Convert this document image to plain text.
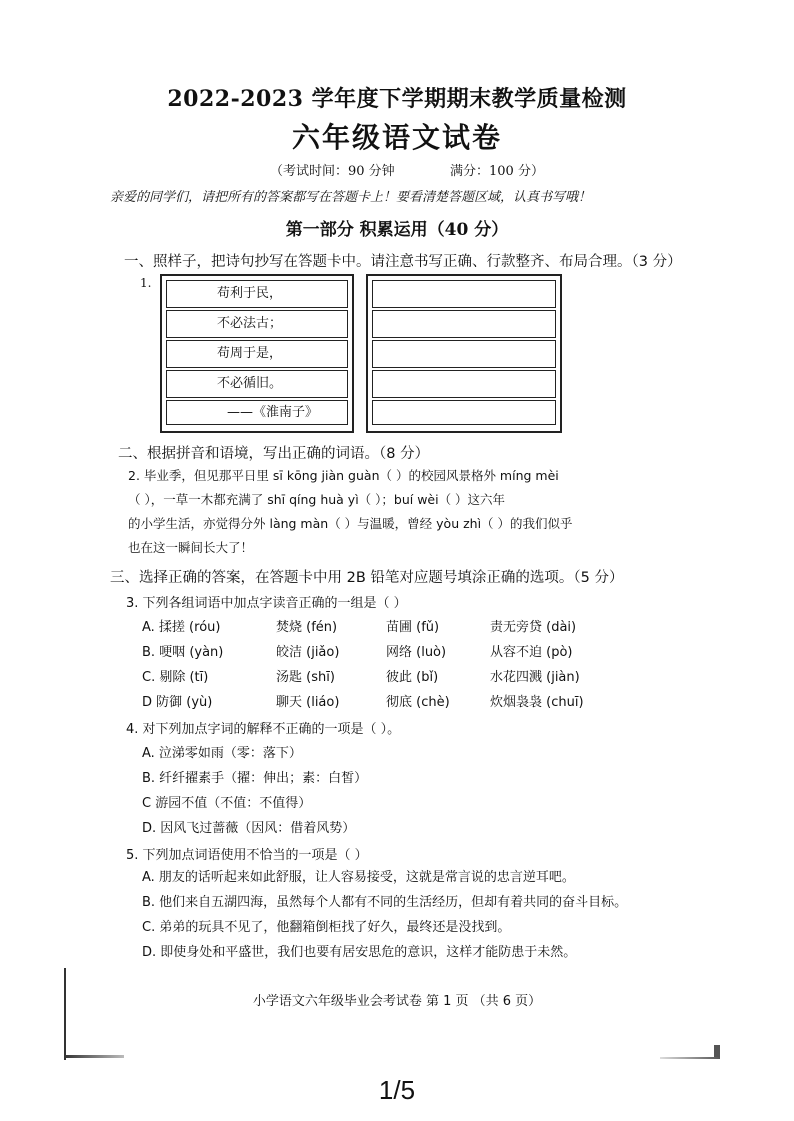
2022-2023 学年度下学期期末教学质量检测
六年级语文试卷
（考试时间：90 分钟	满分：100 分）
亲爱的同学们，请把所有的答案都写在答题卡上！要看清楚答题区域，认真书写哦！
第一部分 积累运用（40 分）
一、照样子，把诗句抄写在答题卡中。请注意书写正确、行款整齐、布局合理。（3 分）
1.
苟利于民，
不必法古；
苟周于是，
不必循旧。
——《淮南子》
二、根据拼音和语境，写出正确的词语。（8 分）
2. 毕业季，但见那平日里 sī kōng jiàn guàn（ ）的校园风景格外 míng mèi
（ ），一草一木都充满了 shī qíng huà yì（ ）；buí wèi（ ）这六年
的小学生活，亦觉得分外 làng màn（ ）与温暖，曾经 yòu zhì（ ）的我们似乎
也在这一瞬间长大了！
三、选择正确的答案，在答题卡中用 2B 铅笔对应题号填涂正确的选项。（5 分）
3. 下列各组词语中加点字读音正确的一组是（ ）
A. 揉搓 (róu)	焚烧 (fén)	苗圃 (fǔ)	责无旁贷 (dài)
B. 哽咽 (yàn)	皎洁 (jiǎo)	网络 (luò)	从容不迫 (pò)
C. 剔除 (tī)	汤匙 (shī)	彼此 (bǐ)	水花四溅 (jiàn)
D 防御 (yù)	聊天 (liáo)	彻底 (chè)	炊烟袅袅 (chuī)
4. 对下列加点字词的解释不正确的一项是（ ）。
A. 泣涕零如雨（零：落下）
B. 纤纤擢素手（擢：伸出；素：白皙）
C 游园不值（不值：不值得）
D. 因风飞过蔷薇（因风：借着风势）
5. 下列加点词语使用不恰当的一项是（ ）
A. 朋友的话听起来如此舒服，让人容易接受，这就是常言说的忠言逆耳吧。
B. 他们来自五湖四海，虽然每个人都有不同的生活经历，但却有着共同的奋斗目标。
C. 弟弟的玩具不见了，他翻箱倒柜找了好久，最终还是没找到。
D. 即使身处和平盛世，我们也要有居安思危的意识，这样才能防患于未然。
小学语文六年级毕业会考试卷 第 1 页 （共 6 页）
1/5
